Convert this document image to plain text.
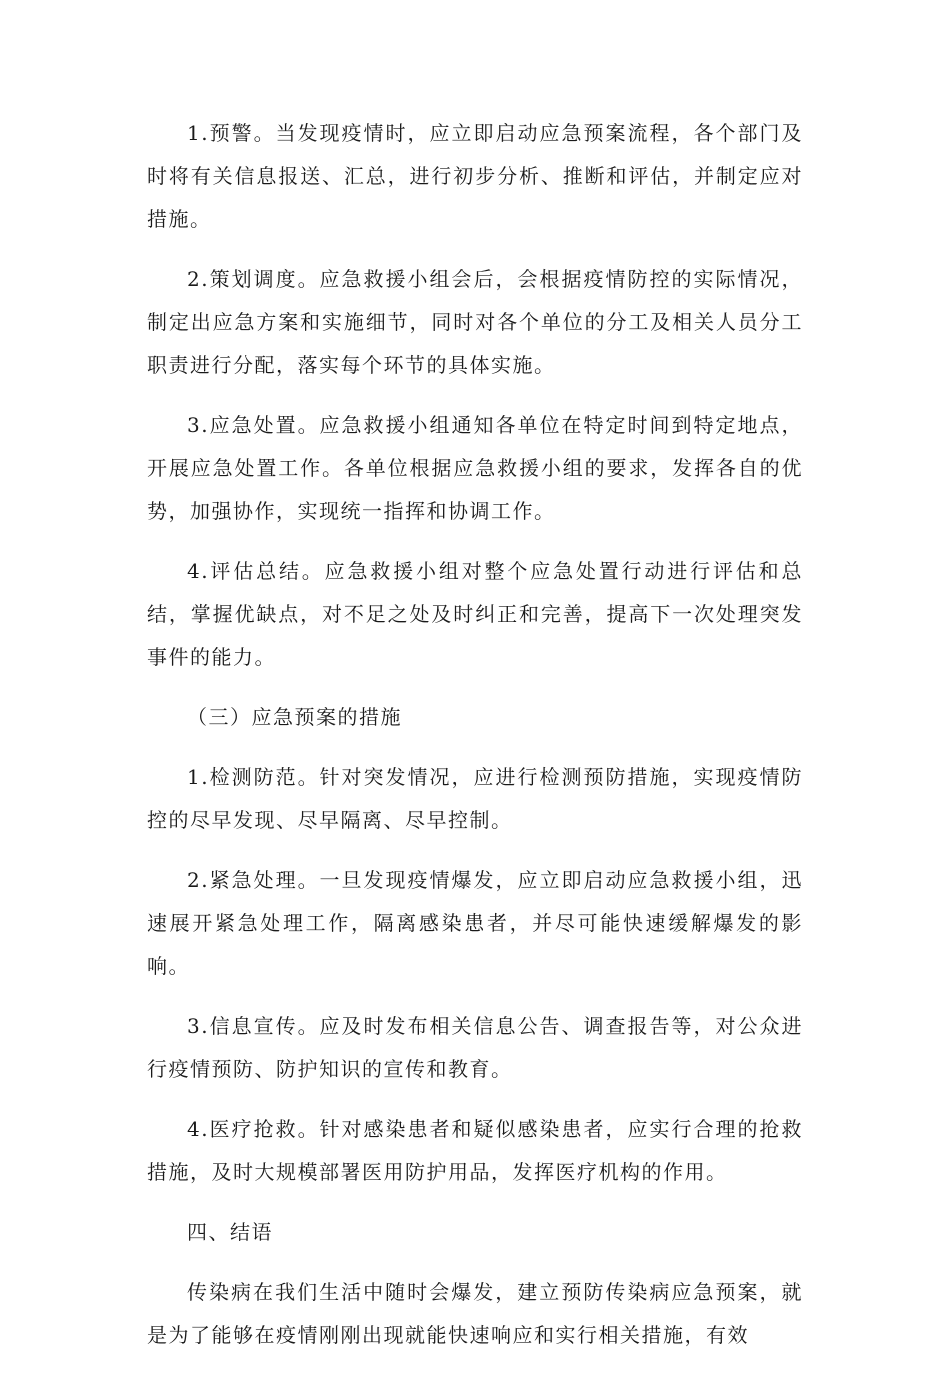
1.预警。当发现疫情时，应立即启动应急预案流程，各个部门及时将有关信息报送、汇总，进行初步分析、推断和评估，并制定应对措施。

2.策划调度。应急救援小组会后，会根据疫情防控的实际情况，制定出应急方案和实施细节，同时对各个单位的分工及相关人员分工职责进行分配，落实每个环节的具体实施。

3.应急处置。应急救援小组通知各单位在特定时间到特定地点，开展应急处置工作。各单位根据应急救援小组的要求，发挥各自的优势，加强协作，实现统一指挥和协调工作。

4.评估总结。应急救援小组对整个应急处置行动进行评估和总结，掌握优缺点，对不足之处及时纠正和完善，提高下一次处理突发事件的能力。

（三）应急预案的措施

1.检测防范。针对突发情况，应进行检测预防措施，实现疫情防控的尽早发现、尽早隔离、尽早控制。

2.紧急处理。一旦发现疫情爆发，应立即启动应急救援小组，迅速展开紧急处理工作，隔离感染患者，并尽可能快速缓解爆发的影响。

3.信息宣传。应及时发布相关信息公告、调查报告等，对公众进行疫情预防、防护知识的宣传和教育。

4.医疗抢救。针对感染患者和疑似感染患者，应实行合理的抢救措施，及时大规模部署医用防护用品，发挥医疗机构的作用。

四、结语

传染病在我们生活中随时会爆发，建立预防传染病应急预案，就是为了能够在疫情刚刚出现就能快速响应和实行相关措施，有效
